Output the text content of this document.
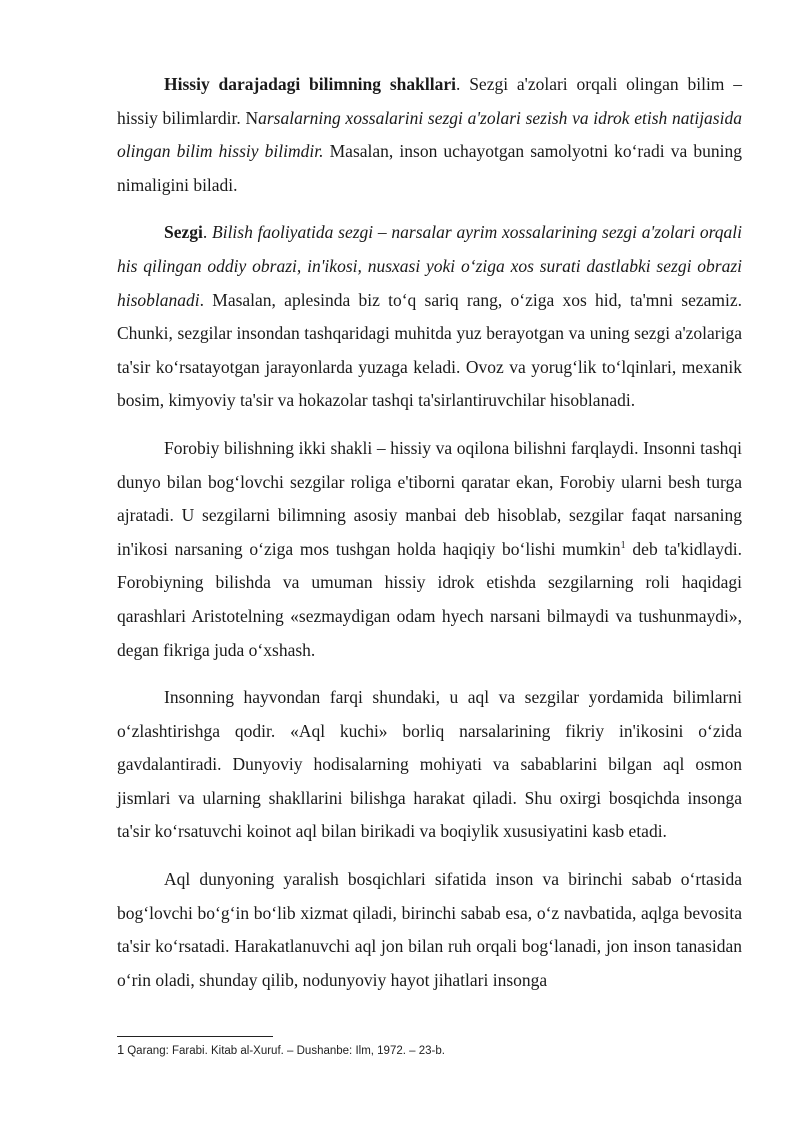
Hissiy darajadagi bilimning shakllari. Sezgi a'zolari orqali olingan bilim – hissiy bilimlardir. Narsalarning xossalarini sezgi a'zolari sezish va idrok etish natijasida olingan bilim hissiy bilimdir. Masalan, inson uchayotgan samolyotni ko‘radi va buning nimaligini biladi.

Sezgi. Bilish faoliyatida sezgi – narsalar ayrim xossalarining sezgi a'zolari orqali his qilingan oddiy obrazi, in'ikosi, nusxasi yoki o‘ziga xos surati dastlabki sezgi obrazi hisoblanadi. Masalan, aplesinda biz to‘q sariq rang, o‘ziga xos hid, ta'mni sezamiz. Chunki, sezgilar insondan tashqaridagi muhitda yuz berayotgan va uning sezgi a'zolariga ta'sir ko‘rsatayotgan jarayonlarda yuzaga keladi. Ovoz va yorug‘lik to‘lqinlari, mexanik bosim, kimyoviy ta'sir va hokazolar tashqi ta'sirlantiruvchilar hisoblanadi.

Forobiy bilishning ikki shakli – hissiy va oqilona bilishni farqlaydi. Insonni tashqi dunyo bilan bog‘lovchi sezgilar roliga e'tiborni qaratar ekan, Forobiy ularni besh turga ajratadi. U sezgilarni bilimning asosiy manbai deb hisoblab, sezgilar faqat narsaning in'ikosi narsaning o‘ziga mos tushgan holda haqiqiy bo‘lishi mumkin$^1$ deb ta'kidlaydi. Forobiyning bilishda va umuman hissiy idrok etishda sezgilarning roli haqidagi qarashlari Aristotelning «sezmaydigan odam hyech narsani bilmaydi va tushunmaydi», degan fikriga juda o‘xshash.

Insonning hayvondan farqi shundaki, u aql va sezgilar yordamida bilimlarni o‘zlashtirishga qodir. «Aql kuchi» borliq narsalarining fikriy in'ikosini o‘zida gavdalantiradi. Dunyoviy hodisalarning mohiyati va sabablarini bilgan aql osmon jismlari va ularning shakllarini bilishga harakat qiladi. Shu oxirgi bosqichda insonga ta'sir ko‘rsatuvchi koinot aql bilan birikadi va boqiylik xususiyatini kasb etadi.

Aql dunyoning yaralish bosqichlari sifatida inson va birinchi sabab o‘rtasida bog‘lovchi bo‘g‘in bo‘lib xizmat qiladi, birinchi sabab esa, o‘z navbatida, aqlga bevosita ta'sir ko‘rsatadi. Harakatlanuvchi aql jon bilan ruh orqali bog‘lanadi, jon inson tanasidan o‘rin oladi, shunday qilib, nodunyoviy hayot jihatlari insonga

1 Qarang: Farabi. Kitab al-Xuruf. – Dushanbe: Ilm, 1972. – 23-b.
